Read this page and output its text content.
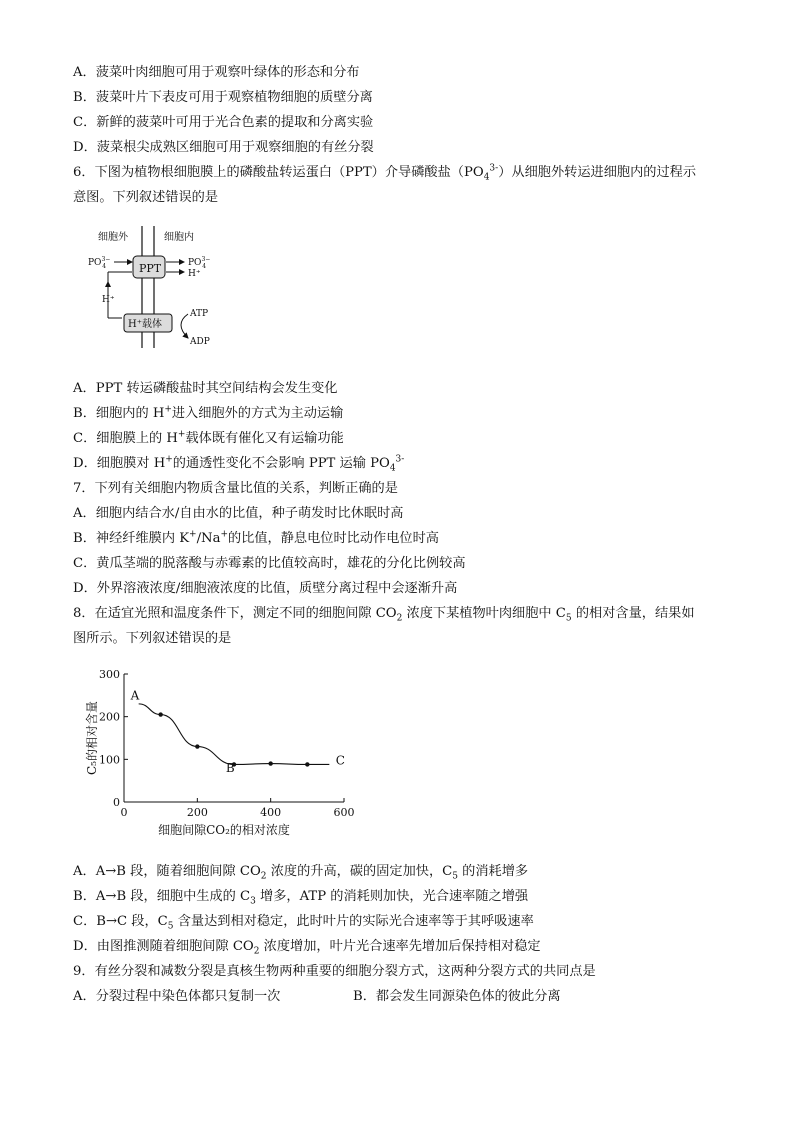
A．菠菜叶肉细胞可用于观察叶绿体的形态和分布
B．菠菜叶片下表皮可用于观察植物细胞的质壁分离
C．新鲜的菠菜叶可用于光合色素的提取和分离实验
D．菠菜根尖成熟区细胞可用于观察细胞的有丝分裂
6．下图为植物根细胞膜上的磷酸盐转运蛋白（PPT）介导磷酸盐$(PO_4^{3-})$从细胞外转运进细胞内的过程示
意图。下列叙述错误的是
细胞外	细胞内
PPT
$PO^{3-}$ 4	$PO^{3-}$ 4
H⁺
H⁺
H⁺载体
ATP
ADP
A．PPT 转运磷酸盐时其空间结构会发生变化
B．细胞内的 H+进入细胞外的方式为主动运输
C．细胞膜上的 H+载体既有催化又有运输功能
D．细胞膜对 H+的通透性变化不会影响 PPT 运输 $PO_4^{3-}$
7．下列有关细胞内物质含量比值的关系，判断正确的是
A．细胞内结合水/自由水的比值，种子萌发时比休眠时高
B．神经纤维膜内 K+/Na+的比值，静息电位时比动作电位时高
C．黄瓜茎端的脱落酸与赤霉素的比值较高时，雄花的分化比例较高
D．外界溶液浓度/细胞液浓度的比值，质壁分离过程中会逐渐升高
8．在适宜光照和温度条件下，测定不同的细胞间隙 $CO_2$ 浓度下某植物叶肉细胞中 $C_5$ 的相对含量，结果如
图所示。下列叙述错误的是
0
100
200
300
0	200	400	600
C₅的相对含量
细胞间隙CO₂的相对浓度
A
B
C
A．A→B 段，随着细胞间隙 $CO_2$ 浓度的升高，碳的固定加快，$C_5$ 的消耗增多
B．A→B 段，细胞中生成的 $C_3$ 增多，ATP 的消耗则加快，光合速率随之增强
C．B→C 段，$C_5$ 含量达到相对稳定，此时叶片的实际光合速率等于其呼吸速率
D．由图推测随着细胞间隙 $CO_2$ 浓度增加，叶片光合速率先增加后保持相对稳定
9．有丝分裂和减数分裂是真核生物两种重要的细胞分裂方式，这两种分裂方式的共同点是
A．分裂过程中染色体都只复制一次	B．都会发生同源染色体的彼此分离
